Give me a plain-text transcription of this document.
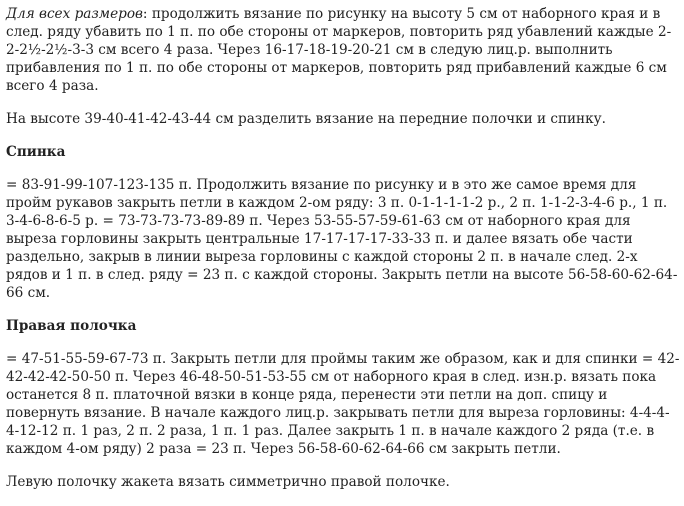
Для всех размеров: продолжить вязание по рисунку на высоту 5 см от наборного края и в след. ряду убавить по 1 п. по обе стороны от маркеров, повторить ряд убавлений каждые 2-2-2½-2½-3-3 см всего 4 раза. Через 16-17-18-19-20-21 см в следую лиц.р. выполнить прибавления по 1 п. по обе стороны от маркеров, повторить ряд прибавлений каждые 6 см всего 4 раза.

На высоте 39-40-41-42-43-44 см разделить вязание на передние полочки и спинку.

Спинка

= 83-91-99-107-123-135 п. Продолжить вязание по рисунку и в это же самое время для пройм рукавов закрыть петли в каждом 2-ом ряду: 3 п. 0-1-1-1-1-2 р., 2 п. 1-1-2-3-4-6 р., 1 п. 3-4-6-8-6-5 р. = 73-73-73-73-89-89 п. Через 53-55-57-59-61-63 см от наборного края для выреза горловины закрыть центральные 17-17-17-17-33-33 п. и далее вязать обе части раздельно, закрыв в линии выреза горловины с каждой стороны 2 п. в начале след. 2-х рядов и 1 п. в след. ряду = 23 п. с каждой стороны. Закрыть петли на высоте 56-58-60-62-64-66 см.

Правая полочка

= 47-51-55-59-67-73 п. Закрыть петли для проймы таким же образом, как и для спинки = 42-42-42-42-50-50 п. Через 46-48-50-51-53-55 см от наборного края в след. изн.р. вязать пока останется 8 п. платочной вязки в конце ряда, перенести эти петли на доп. спицу и повернуть вязание. В начале каждого лиц.р. закрывать петли для выреза горловины: 4-4-4-4-12-12 п. 1 раз, 2 п. 2 раза, 1 п. 1 раз. Далее закрыть 1 п. в начале каждого 2 ряда (т.е. в каждом 4-ом ряду) 2 раза = 23 п. Через 56-58-60-62-64-66 см закрыть петли.

Левую полочку жакета вязать симметрично правой полочке.
